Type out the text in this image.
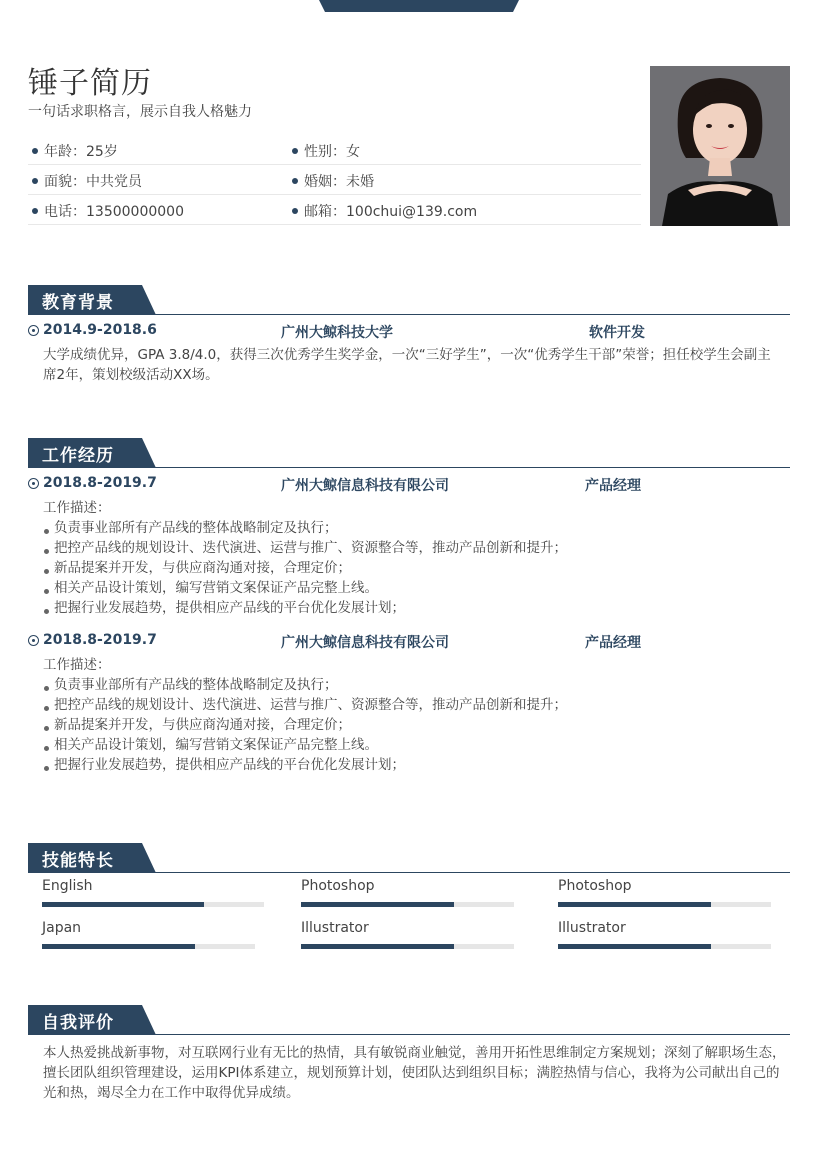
锤子简历
一句话求职格言，展示自我人格魅力
年龄：25岁	性别：女
面貌：中共党员	婚姻：未婚
电话：13500000000	邮箱：100chui@139.com
教育背景
2014.9-2018.6	广州大鲸科技大学	软件开发
大学成绩优异，GPA 3.8/4.0，获得三次优秀学生奖学金，一次“三好学生”，一次“优秀学生干部”荣誉；担任校学生会副主席2年，策划校级活动XX场。
工作经历
2018.8-2019.7	广州大鲸信息科技有限公司	产品经理
工作描述：
负责事业部所有产品线的整体战略制定及执行；
把控产品线的规划设计、迭代演进、运营与推广、资源整合等，推动产品创新和提升；
新品提案并开发，与供应商沟通对接，合理定价；
相关产品设计策划，编写营销文案保证产品完整上线。
把握行业发展趋势，提供相应产品线的平台优化发展计划；
2018.8-2019.7	广州大鲸信息科技有限公司	产品经理
工作描述：
负责事业部所有产品线的整体战略制定及执行；
把控产品线的规划设计、迭代演进、运营与推广、资源整合等，推动产品创新和提升；
新品提案并开发，与供应商沟通对接，合理定价；
相关产品设计策划，编写营销文案保证产品完整上线。
把握行业发展趋势，提供相应产品线的平台优化发展计划；
技能特长
English	Photoshop	Photoshop
Japan	Illustrator	Illustrator
自我评价
本人热爱挑战新事物，对互联网行业有无比的热情，具有敏锐商业触觉，善用开拓性思维制定方案规划；深刻了解职场生态，擅长团队组织管理建设，运用KPI体系建立，规划预算计划，使团队达到组织目标；满腔热情与信心，我将为公司献出自己的光和热，竭尽全力在工作中取得优异成绩。
